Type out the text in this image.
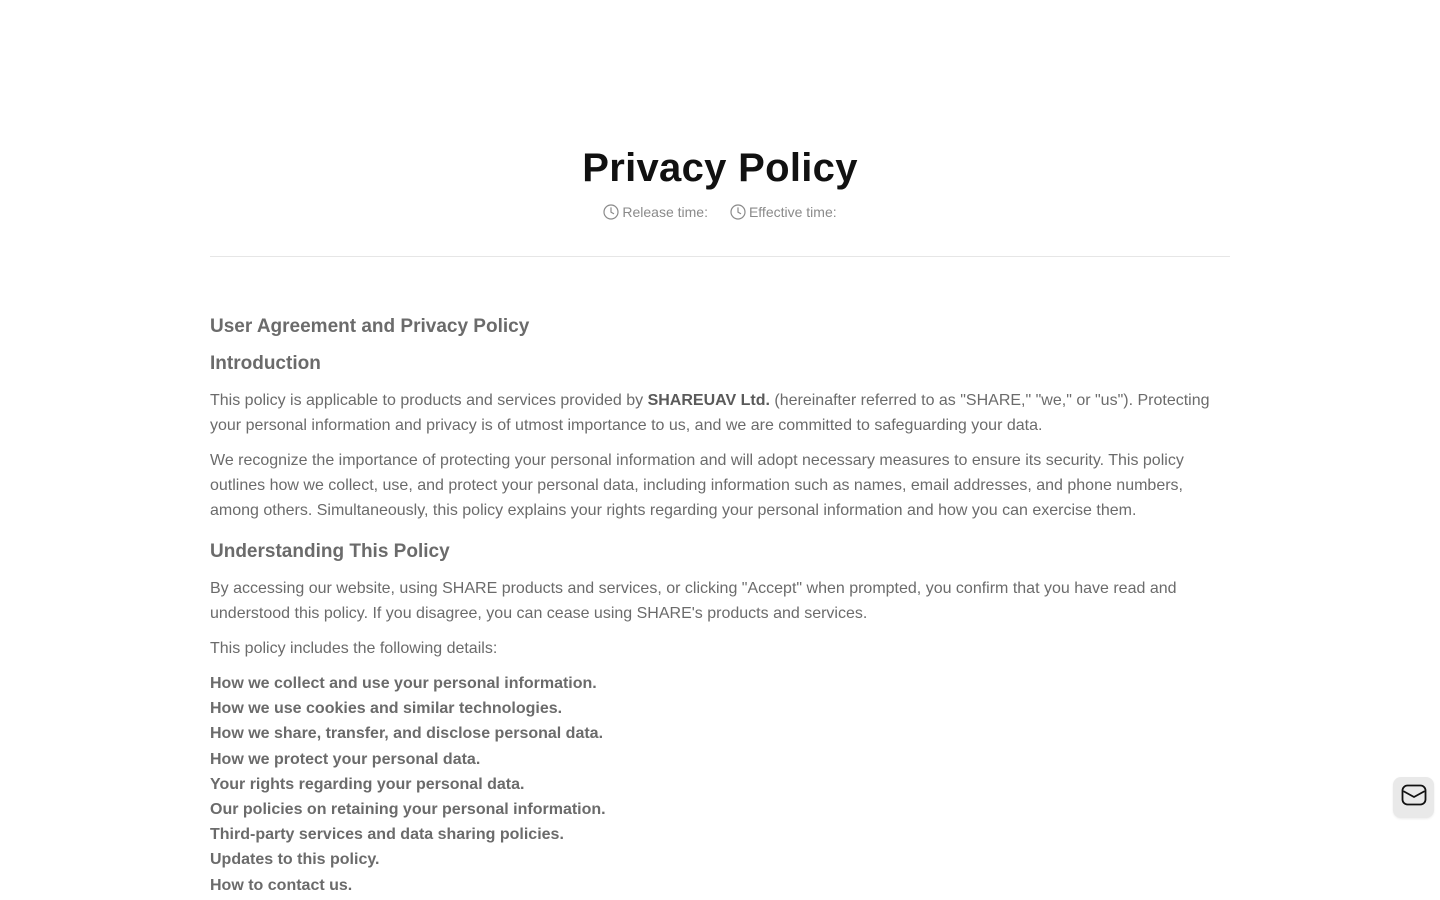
Privacy Policy
Release time:	Effective time:
User Agreement and Privacy Policy
Introduction

This policy is applicable to products and services provided by SHAREUAV Ltd. (hereinafter referred to as "SHARE," "we," or "us"). Protecting your personal information and privacy is of utmost importance to us, and we are committed to safeguarding your data.

We recognize the importance of protecting your personal information and will adopt necessary measures to ensure its security. This policy outlines how we collect, use, and protect your personal data, including information such as names, email addresses, and phone numbers, among others. Simultaneously, this policy explains your rights regarding your personal information and how you can exercise them.

Understanding This Policy

By accessing our website, using SHARE products and services, or clicking "Accept" when prompted, you confirm that you have read and understood this policy. If you disagree, you can cease using SHARE's products and services.

This policy includes the following details:

How we collect and use your personal information.
How we use cookies and similar technologies.
How we share, transfer, and disclose personal data.
How we protect your personal data.
Your rights regarding your personal data.
Our policies on retaining your personal information.
Third-party services and data sharing policies.
Updates to this policy.
How to contact us.
